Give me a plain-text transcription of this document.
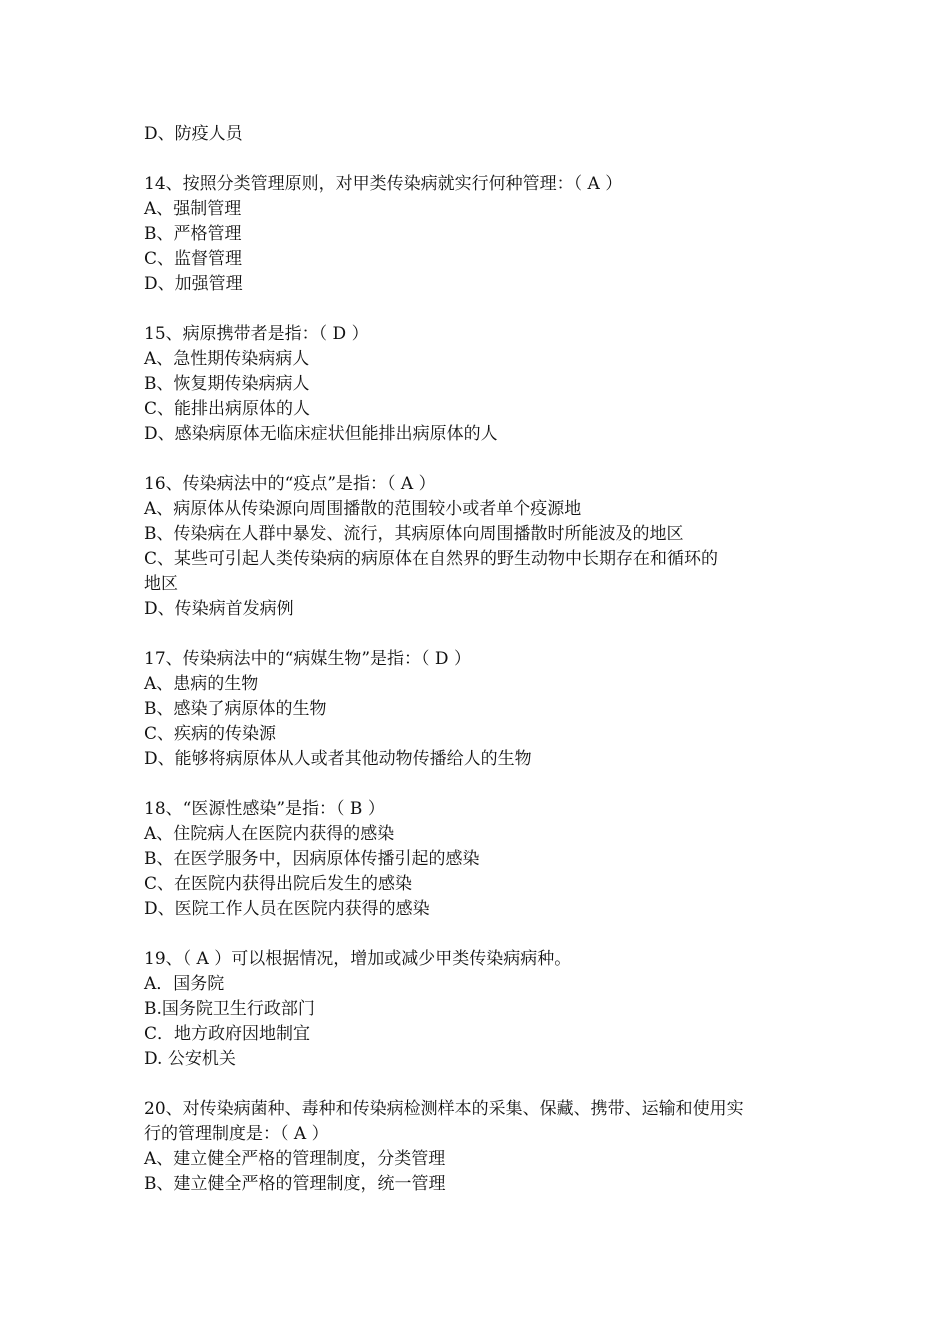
D、防疫人员
14、按照分类管理原则，对甲类传染病就实行何种管理：（ A ）
A、强制管理
B、严格管理
C、监督管理
D、加强管理
15、病原携带者是指：（ D ）
A、急性期传染病病人
B、恢复期传染病病人
C、能排出病原体的人
D、感染病原体无临床症状但能排出病原体的人
16、传染病法中的“疫点”是指：（ A ）
A、病原体从传染源向周围播散的范围较小或者单个疫源地
B、传染病在人群中暴发、流行，其病原体向周围播散时所能波及的地区
C、某些可引起人类传染病的病原体在自然界的野生动物中长期存在和循环的
地区
D、传染病首发病例
17、传染病法中的“病媒生物”是指：（ D ）
A、患病的生物
B、感染了病原体的生物
C、疾病的传染源
D、能够将病原体从人或者其他动物传播给人的生物
18、“医源性感染”是指：（ B ）
A、住院病人在医院内获得的感染
B、在医学服务中，因病原体传播引起的感染
C、在医院内获得出院后发生的感染
D、医院工作人员在医院内获得的感染
19、（ A ）可以根据情况，增加或减少甲类传染病病种。
A．国务院
B.国务院卫生行政部门
C．地方政府因地制宜
D. 公安机关
20、对传染病菌种、毒种和传染病检测样本的采集、保藏、携带、运输和使用实
行的管理制度是：（ A ）
A、建立健全严格的管理制度，分类管理
B、建立健全严格的管理制度，统一管理
